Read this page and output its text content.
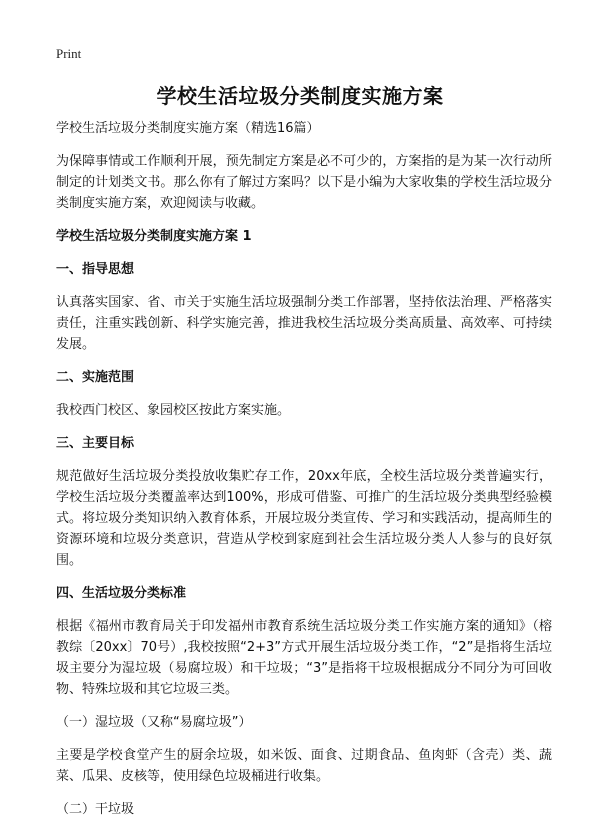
Print
学校生活垃圾分类制度实施方案

学校生活垃圾分类制度实施方案（精选16篇）

为保障事情或工作顺利开展，预先制定方案是必不可少的，方案指的是为某一次行动所制定的计划类文书。那么你有了解过方案吗？以下是小编为大家收集的学校生活垃圾分类制度实施方案，欢迎阅读与收藏。

学校生活垃圾分类制度实施方案 1

一、指导思想

认真落实国家、省、市关于实施生活垃圾强制分类工作部署，坚持依法治理、严格落实责任，注重实践创新、科学实施完善，推进我校生活垃圾分类高质量、高效率、可持续发展。

二、实施范围

我校西门校区、象园校区按此方案实施。

三、主要目标

规范做好生活垃圾分类投放收集贮存工作，20xx年底，全校生活垃圾分类普遍实行，学校生活垃圾分类覆盖率达到100%，形成可借鉴、可推广的生活垃圾分类典型经验模式。将垃圾分类知识纳入教育体系，开展垃圾分类宣传、学习和实践活动，提高师生的资源环境和垃圾分类意识，营造从学校到家庭到社会生活垃圾分类人人参与的良好氛围。

四、生活垃圾分类标准

根据《福州市教育局关于印发福州市教育系统生活垃圾分类工作实施方案的通知》（榕教综〔20xx〕70号）,我校按照“2+3”方式开展生活垃圾分类工作，“2”是指将生活垃圾主要分为湿垃圾（易腐垃圾）和干垃圾；“3”是指将干垃圾根据成分不同分为可回收物、特殊垃圾和其它垃圾三类。

（一）湿垃圾（又称“易腐垃圾”）

主要是学校食堂产生的厨余垃圾，如米饭、面食、过期食品、鱼肉虾（含壳）类、蔬菜、瓜果、皮核等，使用绿色垃圾桶进行收集。

（二）干垃圾
